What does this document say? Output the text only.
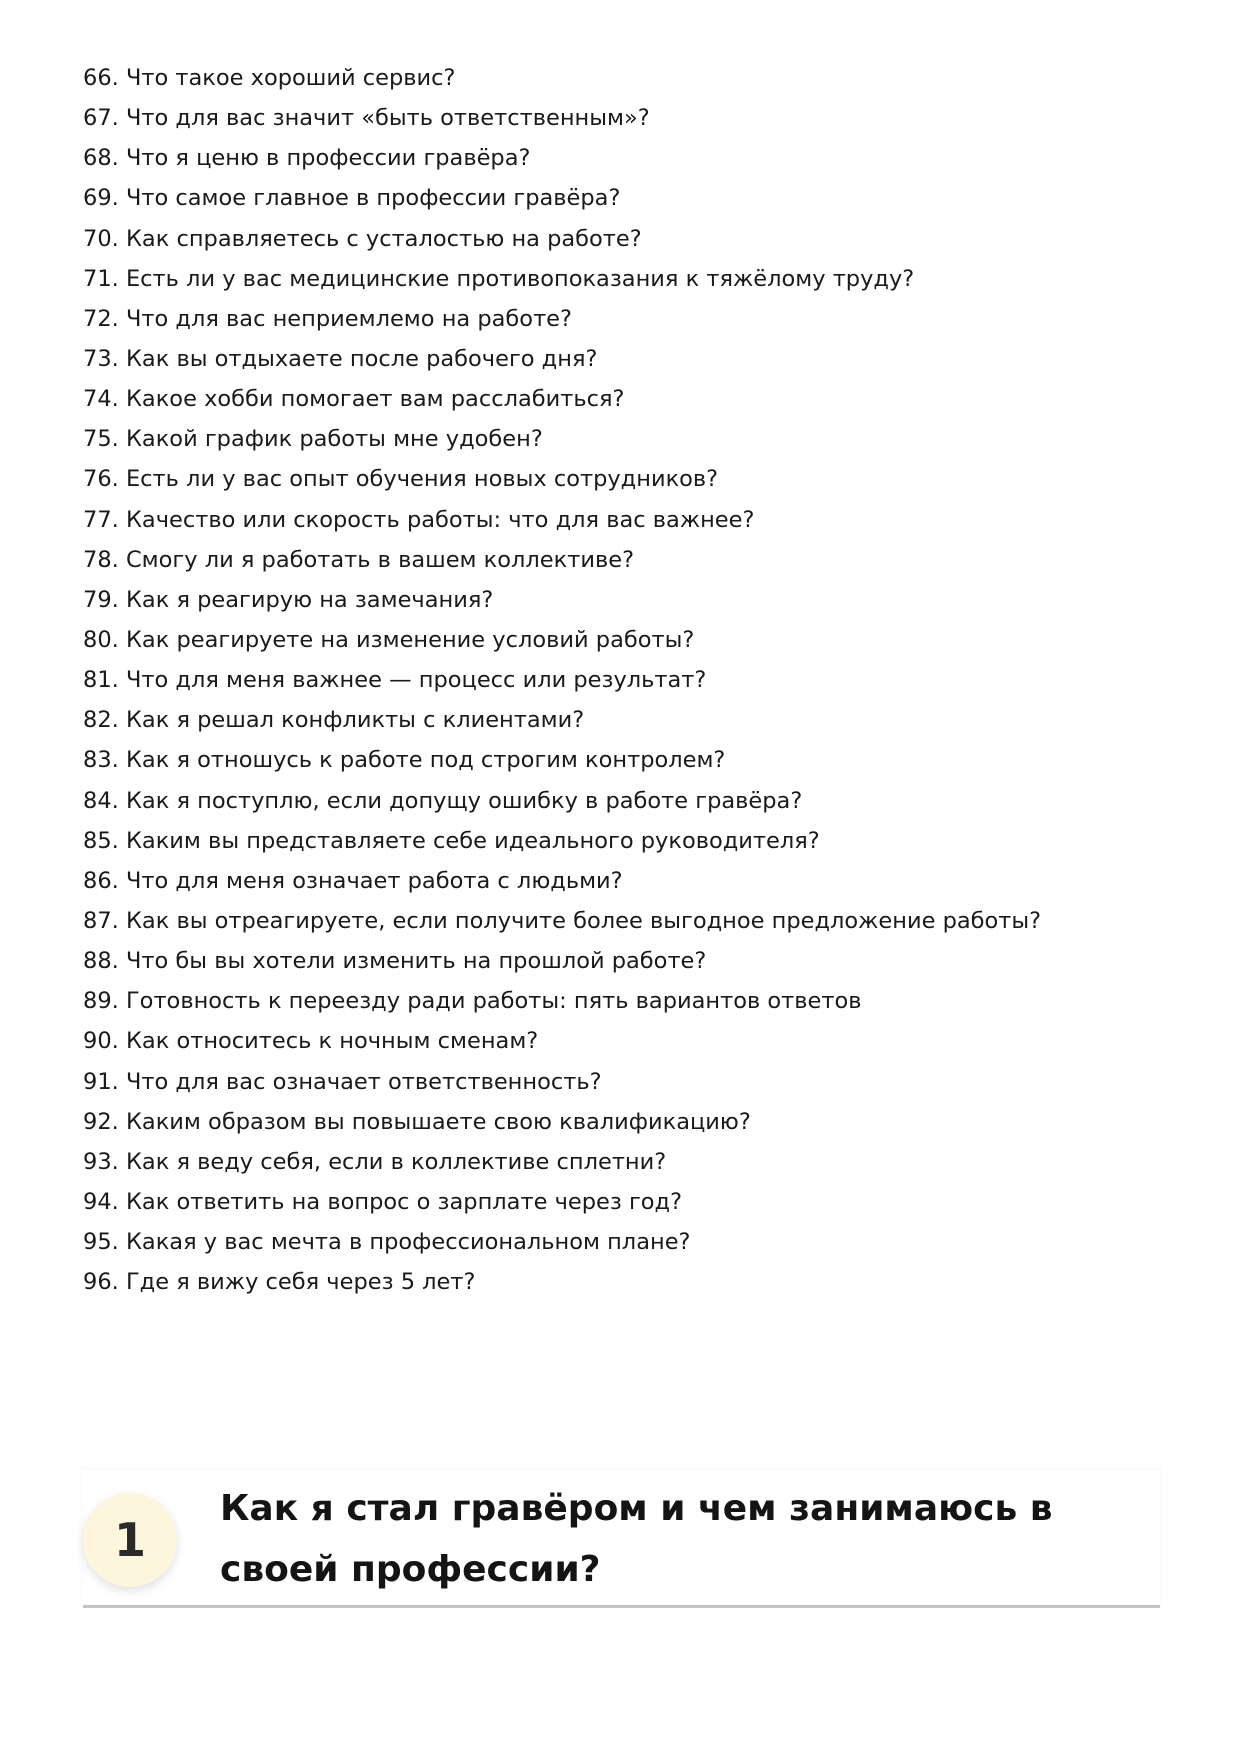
66. Что такое хороший сервис?
67. Что для вас значит «быть ответственным»?
68. Что я ценю в профессии гравёра?
69. Что самое главное в профессии гравёра?
70. Как справляетесь с усталостью на работе?
71. Есть ли у вас медицинские противопоказания к тяжёлому труду?
72. Что для вас неприемлемо на работе?
73. Как вы отдыхаете после рабочего дня?
74. Какое хобби помогает вам расслабиться?
75. Какой график работы мне удобен?
76. Есть ли у вас опыт обучения новых сотрудников?
77. Качество или скорость работы: что для вас важнее?
78. Смогу ли я работать в вашем коллективе?
79. Как я реагирую на замечания?
80. Как реагируете на изменение условий работы?
81. Что для меня важнее — процесс или результат?
82. Как я решал конфликты с клиентами?
83. Как я отношусь к работе под строгим контролем?
84. Как я поступлю, если допущу ошибку в работе гравёра?
85. Каким вы представляете себе идеального руководителя?
86. Что для меня означает работа с людьми?
87. Как вы отреагируете, если получите более выгодное предложение работы?
88. Что бы вы хотели изменить на прошлой работе?
89. Готовность к переезду ради работы: пять вариантов ответов
90. Как относитесь к ночным сменам?
91. Что для вас означает ответственность?
92. Каким образом вы повышаете свою квалификацию?
93. Как я веду себя, если в коллективе сплетни?
94. Как ответить на вопрос о зарплате через год?
95. Какая у вас мечта в профессиональном плане?
96. Где я вижу себя через 5 лет?
1
Как я стал гравёром и чем занимаюсь в своей профессии?
